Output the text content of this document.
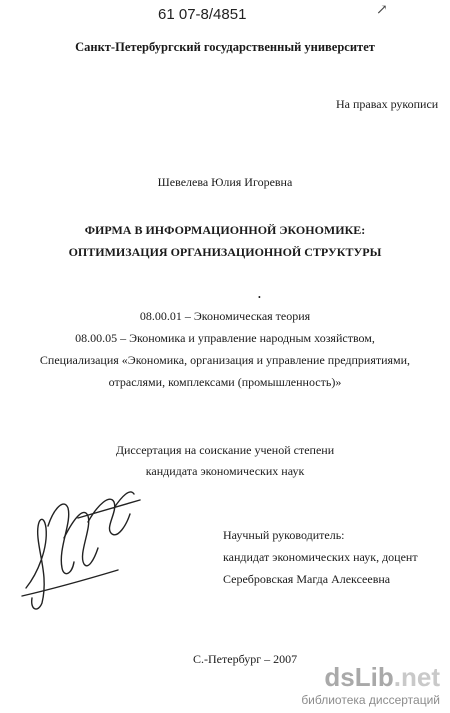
61 07-8/4851	↗
Санкт-Петербургский государственный университет
На правах рукописи
Шевелева Юлия Игоревна
ФИРМА В ИНФОРМАЦИОННОЙ ЭКОНОМИКЕ:
ОПТИМИЗАЦИЯ ОРГАНИЗАЦИОННОЙ СТРУКТУРЫ
•
08.00.01 – Экономическая теория
08.00.05 – Экономика и управление народным хозяйством,
Специализация «Экономика, организация и управление предприятиями,
отраслями, комплексами (промышленность)»
Диссертация на соискание ученой степени
кандидата экономических наук
Научный руководитель:
кандидат экономических наук, доцент
Серебровская Магда Алексеевна
С.-Петербург – 2007
dsLib.net
библиотека диссертаций
